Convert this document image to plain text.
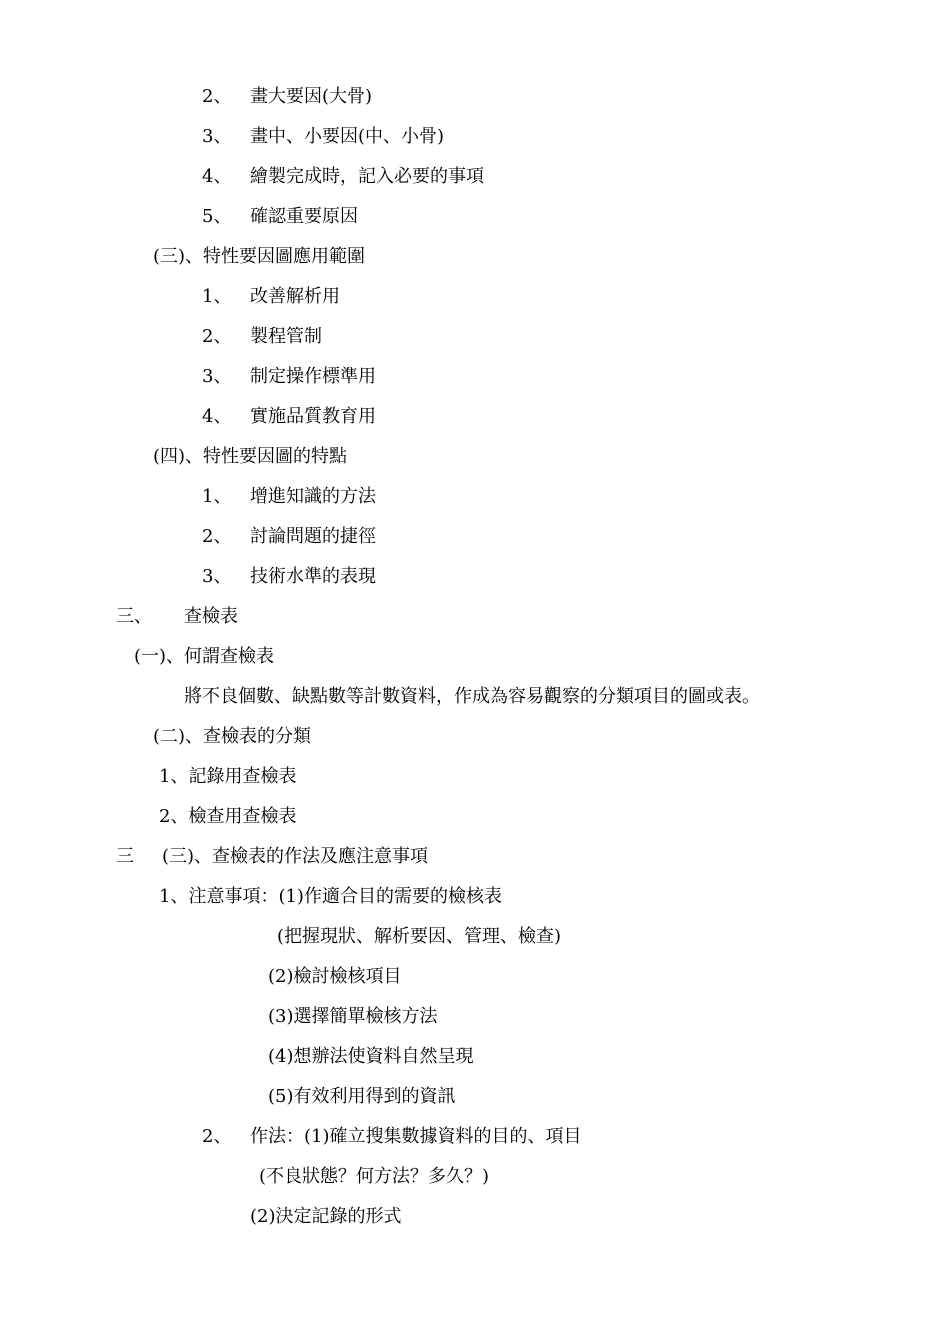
2、 畫大要因(大骨)
3、 畫中、小要因(中、小骨)
4、 繪製完成時，記入必要的事項
5、 確認重要原因
(三)、特性要因圖應用範圍
1、 改善解析用
2、 製程管制
3、 制定操作標準用
4、 實施品質教育用
(四)、特性要因圖的特點
1、 增進知識的方法
2、 討論問題的捷徑
3、 技術水準的表現
三、 查檢表
(一)、何謂查檢表
將不良個數、缺點數等計數資料，作成為容易觀察的分類項目的圖或表。
(二)、查檢表的分類
1、記錄用查檢表
2、檢查用查檢表
三 (三)、查檢表的作法及應注意事項
1、注意事項：(1)作適合目的需要的檢核表
(把握現狀、解析要因、管理、檢查)
(2)檢討檢核項目
(3)選擇簡單檢核方法
(4)想辦法使資料自然呈現
(5)有效利用得到的資訊
2、 作法：(1)確立搜集數據資料的目的、項目
(不良狀態？何方法？多久？)
(2)決定記錄的形式
